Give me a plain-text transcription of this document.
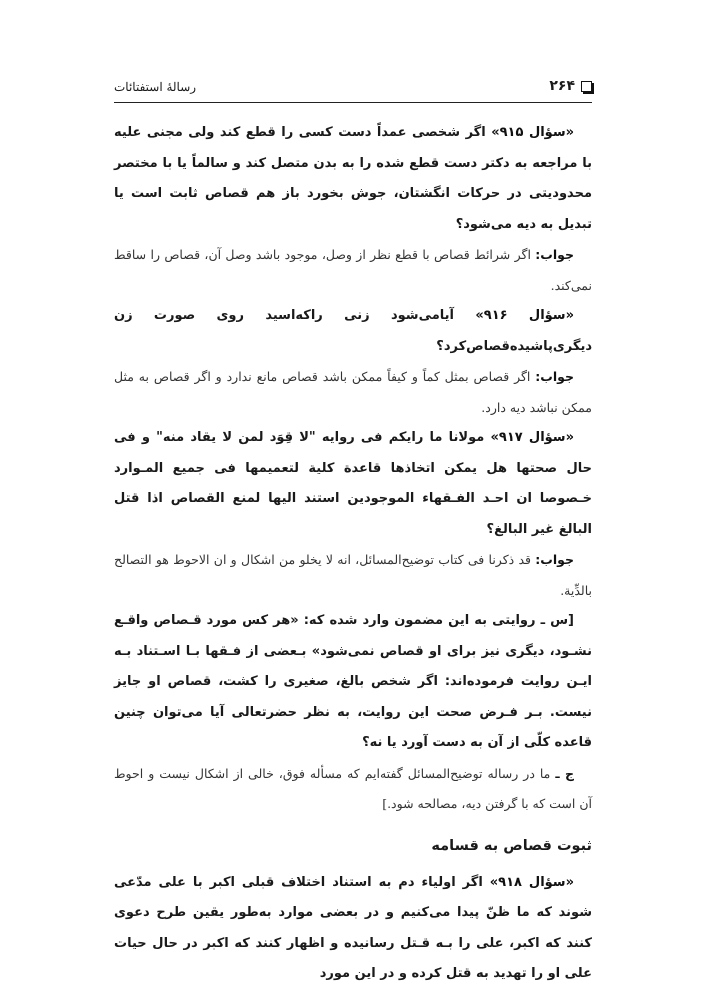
۲۶۴
رسالهٔ استفتائات

«سؤال ۹۱۵» اگر شخصی عمداً دست کسی را قطع کند ولی مجنی علیه با مراجعه به دکتر دست قطع شده را به بدن متصل کند و سالماً یا با مختصر محدودیتی در حرکات انگشتان، جوش بخورد باز هم قصاص ثابت است یا تبدیل به دیه می‌شود؟

جواب: اگر شرائط قصاص با قطع نظر از وصل، موجود باشد وصل آن، قصاص را ساقط نمی‌کند.

«سؤال ۹۱۶» آیامی‌شود زنی راکه‌اسید روی صورت زن دیگری‌پاشیده‌قصاص‌کرد؟

جواب: اگر قصاص بمثل کماً و کیفاً ممکن باشد قصاص مانع ندارد و اگر قصاص به مثل ممکن نباشد دیه دارد.

«سؤال ۹۱۷» مولانا ما رایکم فی روایه "لا قِوَد لمن لا یقاد منه" و فی حال صحتها هل یمکن اتخاذها قاعدة کلیة لتعمیمها فی جمیع المـوارد خـصوصا ان احـد الفـقهاء الموجودین استند الیها لمنع القصاص اذا قتل البالغ غیر البالغ؟

جواب: قد ذکرنا فی کتاب توضیح‌المسائل، انه لا یخلو من اشکال و ان الاحوط هو التصالح بالدِّیة.

[س ـ روایتی به این مضمون وارد شده که: «هر کس مورد قـصاص واقـع نشـود، دیگری نیز برای او قصاص نمی‌شود» بـعضی از فـقها بـا اسـتناد بـه ایـن روایت فرموده‌اند: اگر شخص بالغ، صغیری را کشت، قصاص او جایز نیست. بـر فـرض صحت این روایت، به نظر حضرتعالی آیا می‌توان چنین قاعده کلّی از آن به دست آورد یا نه؟

ج ـ ما در رساله توضیح‌المسائل گفته‌ایم که مسأله فوق، خالی از اشکال نیست و احوط آن است که با گرفتن دیه، مصالحه شود.]

ثبوت قصاص به قسامه

«سؤال ۹۱۸» اگر اولیاء دم به استناد اختلاف قبلی اکبر با علی مدّعی شوند که ما ظنّ پیدا می‌کنیم و در بعضی موارد به‌طور یقین طرح دعوی کنند که اکبر، علی را بـه قـتل رسانیده و اظهار کنند که اکبر در حال حیات علی او را تهدید به قتل کرده و در این مورد
